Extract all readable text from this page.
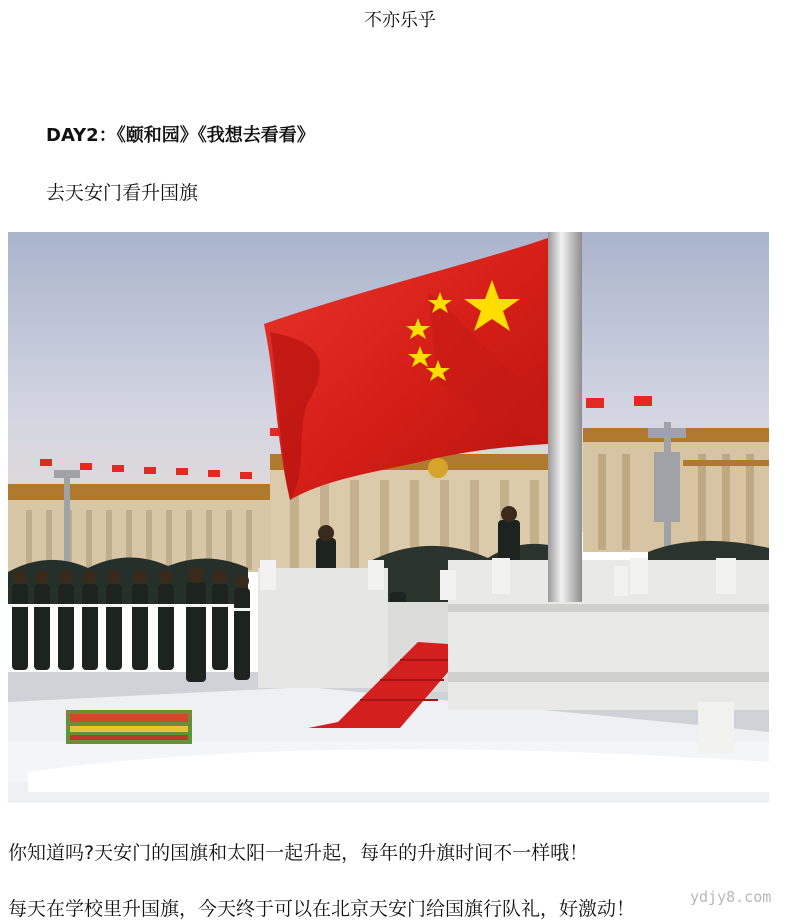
不亦乐乎
DAY2：《颐和园》《我想去看看》
去天安门看升国旗
你知道吗?天安门的国旗和太阳一起升起，每年的升旗时间不一样哦！
每天在学校里升国旗，今天终于可以在北京天安门给国旗行队礼，好激动！
ydjy8.com
